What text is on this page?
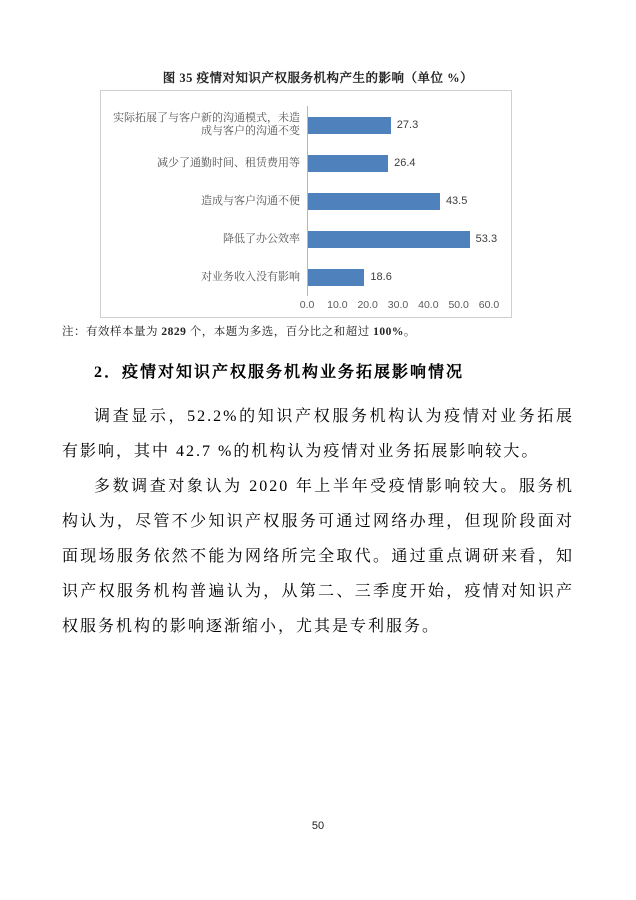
图 35 疫情对知识产权服务机构产生的影响（单位 %）
实际拓展了与客户新的沟通模式，未造成与客户的沟通不变	27.3
减少了通勤时间、租赁费用等	26.4
造成与客户沟通不便	43.5
降低了办公效率	53.3
对业务收入没有影响	18.6
0.0 10.0 20.0 30.0 40.0 50.0 60.0
注：有效样本量为 2829 个，本题为多选，百分比之和超过 100%。
2．疫情对知识产权服务机构业务拓展影响情况

调查显示，52.2%的知识产权服务机构认为疫情对业务拓展有影响，其中 42.7 %的机构认为疫情对业务拓展影响较大。

多数调查对象认为 2020 年上半年受疫情影响较大。服务机构认为，尽管不少知识产权服务可通过网络办理，但现阶段面对面现场服务依然不能为网络所完全取代。通过重点调研来看，知识产权服务机构普遍认为，从第二、三季度开始，疫情对知识产权服务机构的影响逐渐缩小，尤其是专利服务。

50
